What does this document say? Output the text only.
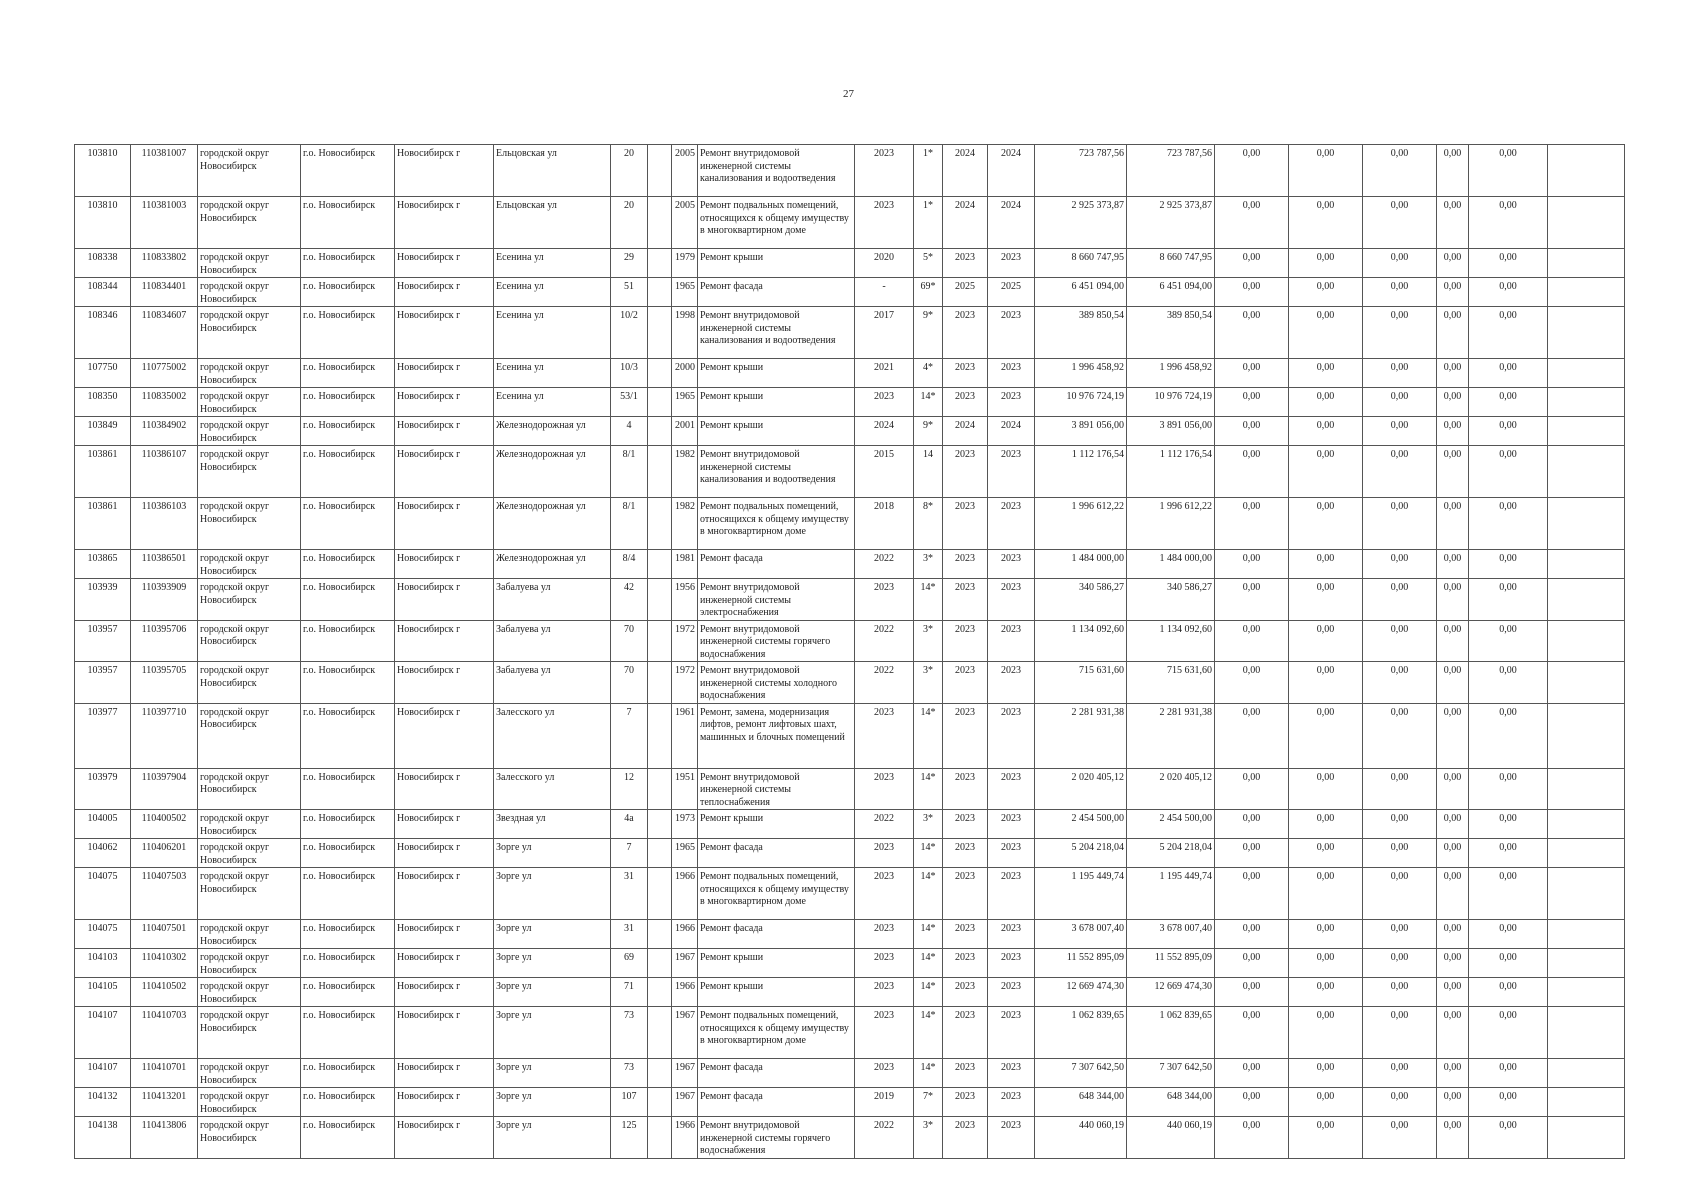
27
103810	110381007	городской округ Новосибирск	г.о. Новосибирск	Новосибирск г	Ельцовская ул	20		2005	Ремонт внутридомовой инженерной системы канализования и водоотведения	2023	1*	2024	2024	723 787,56	723 787,56	0,00	0,00	0,00	0,00	0,00	
103810	110381003	городской округ Новосибирск	г.о. Новосибирск	Новосибирск г	Ельцовская ул	20		2005	Ремонт подвальных помещений, относящихся к общему имуществу в многоквартирном доме	2023	1*	2024	2024	2 925 373,87	2 925 373,87	0,00	0,00	0,00	0,00	0,00	
108338	110833802	городской округ Новосибирск	г.о. Новосибирск	Новосибирск г	Есенина ул	29		1979	Ремонт крыши	2020	5*	2023	2023	8 660 747,95	8 660 747,95	0,00	0,00	0,00	0,00	0,00	
108344	110834401	городской округ Новосибирск	г.о. Новосибирск	Новосибирск г	Есенина ул	51		1965	Ремонт фасада	-	69*	2025	2025	6 451 094,00	6 451 094,00	0,00	0,00	0,00	0,00	0,00	
108346	110834607	городской округ Новосибирск	г.о. Новосибирск	Новосибирск г	Есенина ул	10/2		1998	Ремонт внутридомовой инженерной системы канализования и водоотведения	2017	9*	2023	2023	389 850,54	389 850,54	0,00	0,00	0,00	0,00	0,00	
107750	110775002	городской округ Новосибирск	г.о. Новосибирск	Новосибирск г	Есенина ул	10/3		2000	Ремонт крыши	2021	4*	2023	2023	1 996 458,92	1 996 458,92	0,00	0,00	0,00	0,00	0,00	
108350	110835002	городской округ Новосибирск	г.о. Новосибирск	Новосибирск г	Есенина ул	53/1		1965	Ремонт крыши	2023	14*	2023	2023	10 976 724,19	10 976 724,19	0,00	0,00	0,00	0,00	0,00	
103849	110384902	городской округ Новосибирск	г.о. Новосибирск	Новосибирск г	Железнодорожная ул	4		2001	Ремонт крыши	2024	9*	2024	2024	3 891 056,00	3 891 056,00	0,00	0,00	0,00	0,00	0,00	
103861	110386107	городской округ Новосибирск	г.о. Новосибирск	Новосибирск г	Железнодорожная ул	8/1		1982	Ремонт внутридомовой инженерной системы канализования и водоотведения	2015	14	2023	2023	1 112 176,54	1 112 176,54	0,00	0,00	0,00	0,00	0,00	
103861	110386103	городской округ Новосибирск	г.о. Новосибирск	Новосибирск г	Железнодорожная ул	8/1		1982	Ремонт подвальных помещений, относящихся к общему имуществу в многоквартирном доме	2018	8*	2023	2023	1 996 612,22	1 996 612,22	0,00	0,00	0,00	0,00	0,00	
103865	110386501	городской округ Новосибирск	г.о. Новосибирск	Новосибирск г	Железнодорожная ул	8/4		1981	Ремонт фасада	2022	3*	2023	2023	1 484 000,00	1 484 000,00	0,00	0,00	0,00	0,00	0,00	
103939	110393909	городской округ Новосибирск	г.о. Новосибирск	Новосибирск г	Забалуева ул	42		1956	Ремонт внутридомовой инженерной системы электроснабжения	2023	14*	2023	2023	340 586,27	340 586,27	0,00	0,00	0,00	0,00	0,00	
103957	110395706	городской округ Новосибирск	г.о. Новосибирск	Новосибирск г	Забалуева ул	70		1972	Ремонт внутридомовой инженерной системы горячего водоснабжения	2022	3*	2023	2023	1 134 092,60	1 134 092,60	0,00	0,00	0,00	0,00	0,00	
103957	110395705	городской округ Новосибирск	г.о. Новосибирск	Новосибирск г	Забалуева ул	70		1972	Ремонт внутридомовой инженерной системы холодного водоснабжения	2022	3*	2023	2023	715 631,60	715 631,60	0,00	0,00	0,00	0,00	0,00	
103977	110397710	городской округ Новосибирск	г.о. Новосибирск	Новосибирск г	Залесского ул	7		1961	Ремонт, замена, модернизация лифтов, ремонт лифтовых шахт, машинных и блочных помещений	2023	14*	2023	2023	2 281 931,38	2 281 931,38	0,00	0,00	0,00	0,00	0,00	
103979	110397904	городской округ Новосибирск	г.о. Новосибирск	Новосибирск г	Залесского ул	12		1951	Ремонт внутридомовой инженерной системы теплоснабжения	2023	14*	2023	2023	2 020 405,12	2 020 405,12	0,00	0,00	0,00	0,00	0,00	
104005	110400502	городской округ Новосибирск	г.о. Новосибирск	Новосибирск г	Звездная ул	4а		1973	Ремонт крыши	2022	3*	2023	2023	2 454 500,00	2 454 500,00	0,00	0,00	0,00	0,00	0,00	
104062	110406201	городской округ Новосибирск	г.о. Новосибирск	Новосибирск г	Зорге ул	7		1965	Ремонт фасада	2023	14*	2023	2023	5 204 218,04	5 204 218,04	0,00	0,00	0,00	0,00	0,00	
104075	110407503	городской округ Новосибирск	г.о. Новосибирск	Новосибирск г	Зорге ул	31		1966	Ремонт подвальных помещений, относящихся к общему имуществу в многоквартирном доме	2023	14*	2023	2023	1 195 449,74	1 195 449,74	0,00	0,00	0,00	0,00	0,00	
104075	110407501	городской округ Новосибирск	г.о. Новосибирск	Новосибирск г	Зорге ул	31		1966	Ремонт фасада	2023	14*	2023	2023	3 678 007,40	3 678 007,40	0,00	0,00	0,00	0,00	0,00	
104103	110410302	городской округ Новосибирск	г.о. Новосибирск	Новосибирск г	Зорге ул	69		1967	Ремонт крыши	2023	14*	2023	2023	11 552 895,09	11 552 895,09	0,00	0,00	0,00	0,00	0,00	
104105	110410502	городской округ Новосибирск	г.о. Новосибирск	Новосибирск г	Зорге ул	71		1966	Ремонт крыши	2023	14*	2023	2023	12 669 474,30	12 669 474,30	0,00	0,00	0,00	0,00	0,00	
104107	110410703	городской округ Новосибирск	г.о. Новосибирск	Новосибирск г	Зорге ул	73		1967	Ремонт подвальных помещений, относящихся к общему имуществу в многоквартирном доме	2023	14*	2023	2023	1 062 839,65	1 062 839,65	0,00	0,00	0,00	0,00	0,00	
104107	110410701	городской округ Новосибирск	г.о. Новосибирск	Новосибирск г	Зорге ул	73		1967	Ремонт фасада	2023	14*	2023	2023	7 307 642,50	7 307 642,50	0,00	0,00	0,00	0,00	0,00	
104132	110413201	городской округ Новосибирск	г.о. Новосибирск	Новосибирск г	Зорге ул	107		1967	Ремонт фасада	2019	7*	2023	2023	648 344,00	648 344,00	0,00	0,00	0,00	0,00	0,00	
104138	110413806	городской округ Новосибирск	г.о. Новосибирск	Новосибирск г	Зорге ул	125		1966	Ремонт внутридомовой инженерной системы горячего водоснабжения	2022	3*	2023	2023	440 060,19	440 060,19	0,00	0,00	0,00	0,00	0,00	
